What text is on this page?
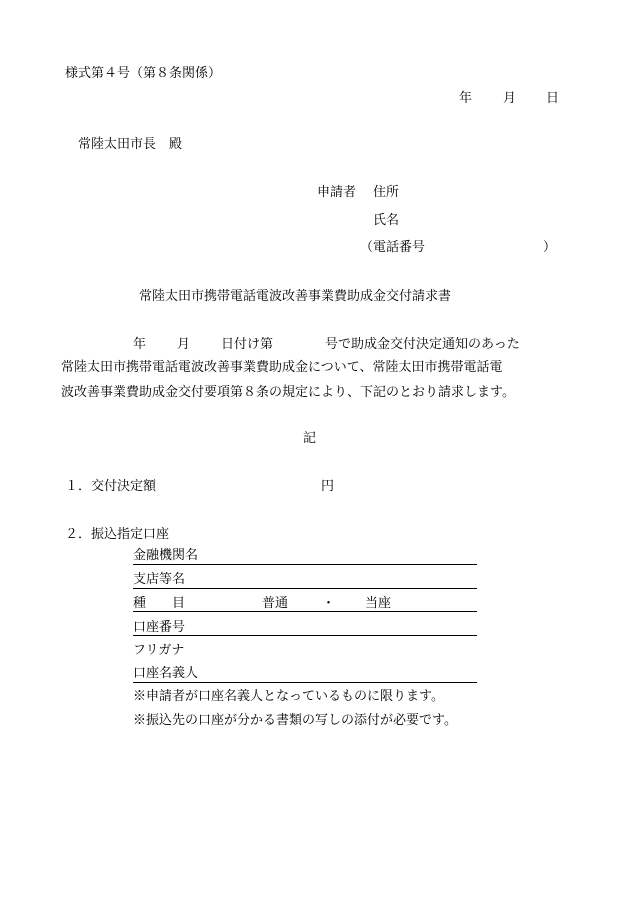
様式第４号（第８条関係）
年 月 日
常陸太田市長　殿
申請者 住所
氏名
（電話番号	）
常陸太田市携帯電話電波改善事業費助成金交付請求書
年 月 日付け第	号で助成金交付決定通知のあった
常陸太田市携帯電話電波改善事業費助成金について、常陸太田市携帯電話電
波改善事業費助成金交付要項第８条の規定により、下記のとおり請求します。
記
１．交付決定額	円
２．振込指定口座
金融機関名
支店等名
種　　目	普通	・ 当座
口座番号
フリガナ
口座名義人
※申請者が口座名義人となっているものに限ります。
※振込先の口座が分かる書類の写しの添付が必要です。
